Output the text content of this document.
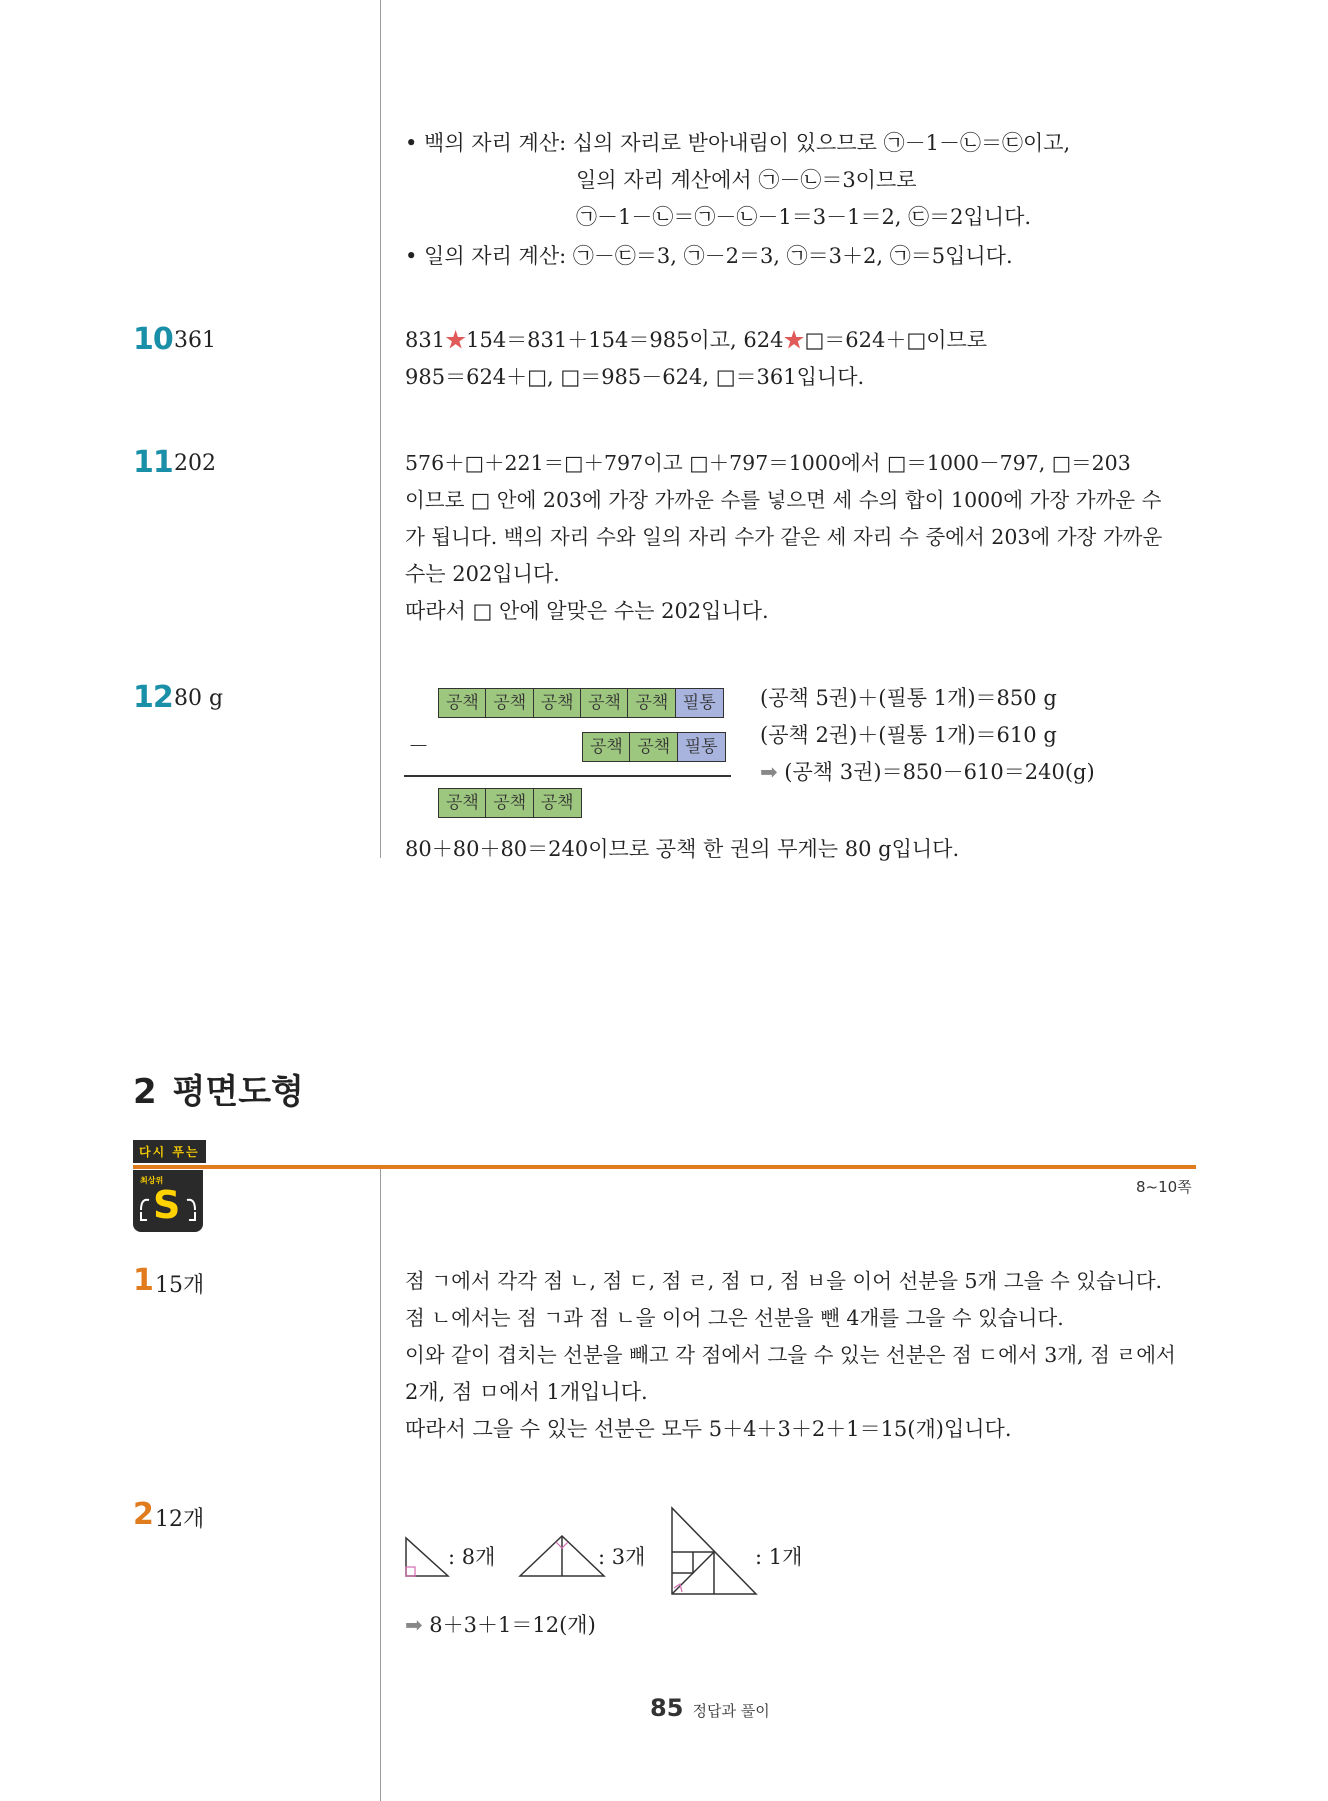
• 백의 자리 계산: 십의 자리로 받아내림이 있으므로 ㉠－1－㉡＝㉢이고,
일의 자리 계산에서 ㉠－㉡＝3이므로
㉠－1－㉡＝㉠－㉡－1＝3－1＝2, ㉢＝2입니다.
• 일의 자리 계산: ㉠－㉢＝3, ㉠－2＝3, ㉠＝3＋2, ㉠＝5입니다.
10 361	831★154＝831＋154＝985이고, 624★□＝624＋□이므로
985＝624＋□, □＝985－624, □＝361입니다.
11 202	576＋□＋221＝□＋797이고 □＋797＝1000에서 □＝1000－797, □＝203
이므로 □ 안에 203에 가장 가까운 수를 넣으면 세 수의 합이 1000에 가장 가까운 수
가 됩니다. 백의 자리 수와 일의 자리 수가 같은 세 자리 수 중에서 203에 가장 가까운
수는 202입니다.
따라서 □ 안에 알맞은 수는 202입니다.
12 80 g	공책 공책 공책 공책 공책 필통
－	공책 공책 필통
공책 공책 공책
(공책 5권)＋(필통 1개)＝850 g
(공책 2권)＋(필통 1개)＝610 g
➡ (공책 3권)＝850－610＝240(g)
80＋80＋80＝240이므로 공책 한 권의 무게는 80 g입니다.
2 평면도형
다시 푸는
최상위
S	8~10쪽
1 15개	점 ㄱ에서 각각 점 ㄴ, 점 ㄷ, 점 ㄹ, 점 ㅁ, 점 ㅂ을 이어 선분을 5개 그을 수 있습니다.
점 ㄴ에서는 점 ㄱ과 점 ㄴ을 이어 그은 선분을 뺀 4개를 그을 수 있습니다.
이와 같이 겹치는 선분을 빼고 각 점에서 그을 수 있는 선분은 점 ㄷ에서 3개, 점 ㄹ에서
2개, 점 ㅁ에서 1개입니다.
따라서 그을 수 있는 선분은 모두 5＋4＋3＋2＋1＝15(개)입니다.
2 12개
: 8개	: 3개	: 1개
➡ 8＋3＋1＝12(개)
85 정답과 풀이
